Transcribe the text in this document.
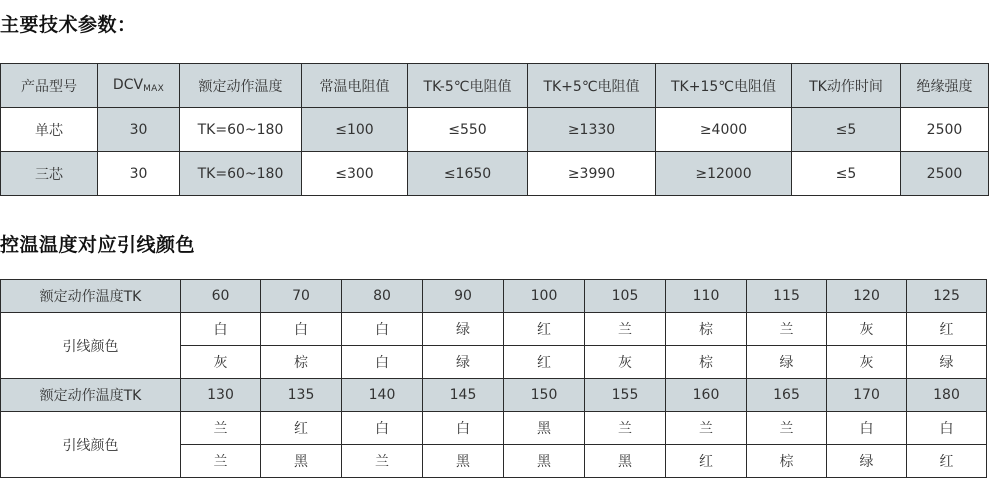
主要技术参数：
产品型号	$DCV_{MAX}$	额定动作温度	常温电阻值	TK-5℃电阻值	TK+5℃电阻值	TK+15℃电阻值	TK动作时间	绝缘强度
单芯	30	TK=60~180	≤100	≤550	≥1330	≥4000	≤5	2500
三芯	30	TK=60~180	≤300	≤1650	≥3990	≥12000	≤5	2500
控温温度对应引线颜色
额定动作温度TK	60	70	80	90	100	105	110	115	120	125
引线颜色	白	白	白	绿	红	兰	棕	兰	灰	红
	灰	棕	白	绿	红	灰	棕	绿	灰	绿
额定动作温度TK	130	135	140	145	150	155	160	165	170	180
引线颜色	兰	红	白	白	黑	兰	兰	兰	白	白
	兰	黑	兰	黑	黑	黑	红	棕	绿	红
